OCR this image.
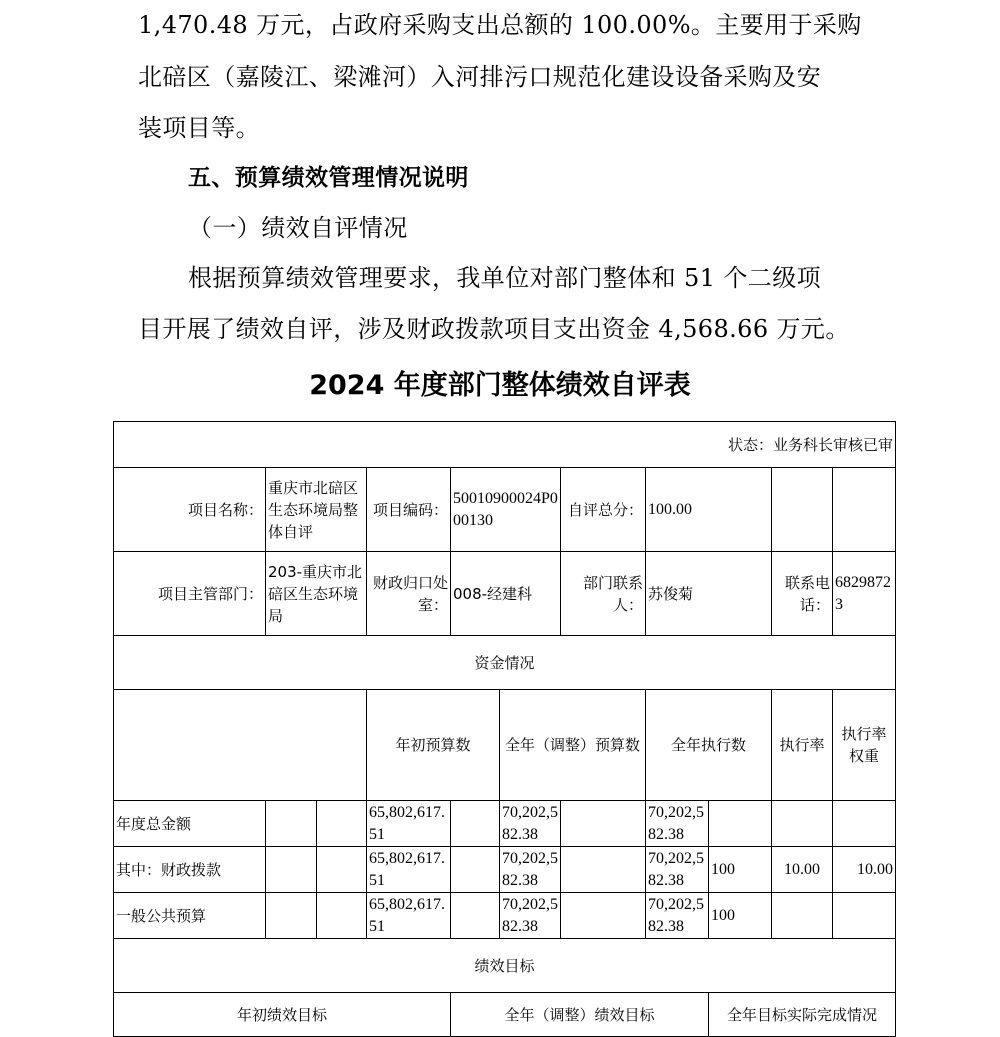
1,470.48 万元，占政府采购支出总额的 100.00%。主要用于采购
北碚区（嘉陵江、梁滩河）入河排污口规范化建设设备采购及安
装项目等。
五、预算绩效管理情况说明
（一）绩效自评情况
根据预算绩效管理要求，我单位对部门整体和 51 个二级项
目开展了绩效自评，涉及财政拨款项目支出资金 4,568.66 万元。
2024 年度部门整体绩效自评表
状态：业务科长审核已审											
项目名称：	重庆市北碚区生态环境局整体自评		项目编码：	50010900024P000130		自评总分：	100.00				
项目主管部门：	203-重庆市北碚区生态环境局		财政归口处室：	008-经建科		部门联系人：	苏俊菊		联系电话：	68298723	
资金情况											
			年初预算数		全年（调整）预算数		全年执行数		执行率	执行率权重	
年度总金额			65,802,617.51		70,202,582.38		70,202,582.38				
其中：财政拨款			65,802,617.51		70,202,582.38		70,202,582.38	100	10.00	10.00	
一般公共预算			65,802,617.51		70,202,582.38		70,202,582.38	100			
绩效目标											
年初绩效目标				全年（调整）绩效目标				全年目标实际完成情况			
